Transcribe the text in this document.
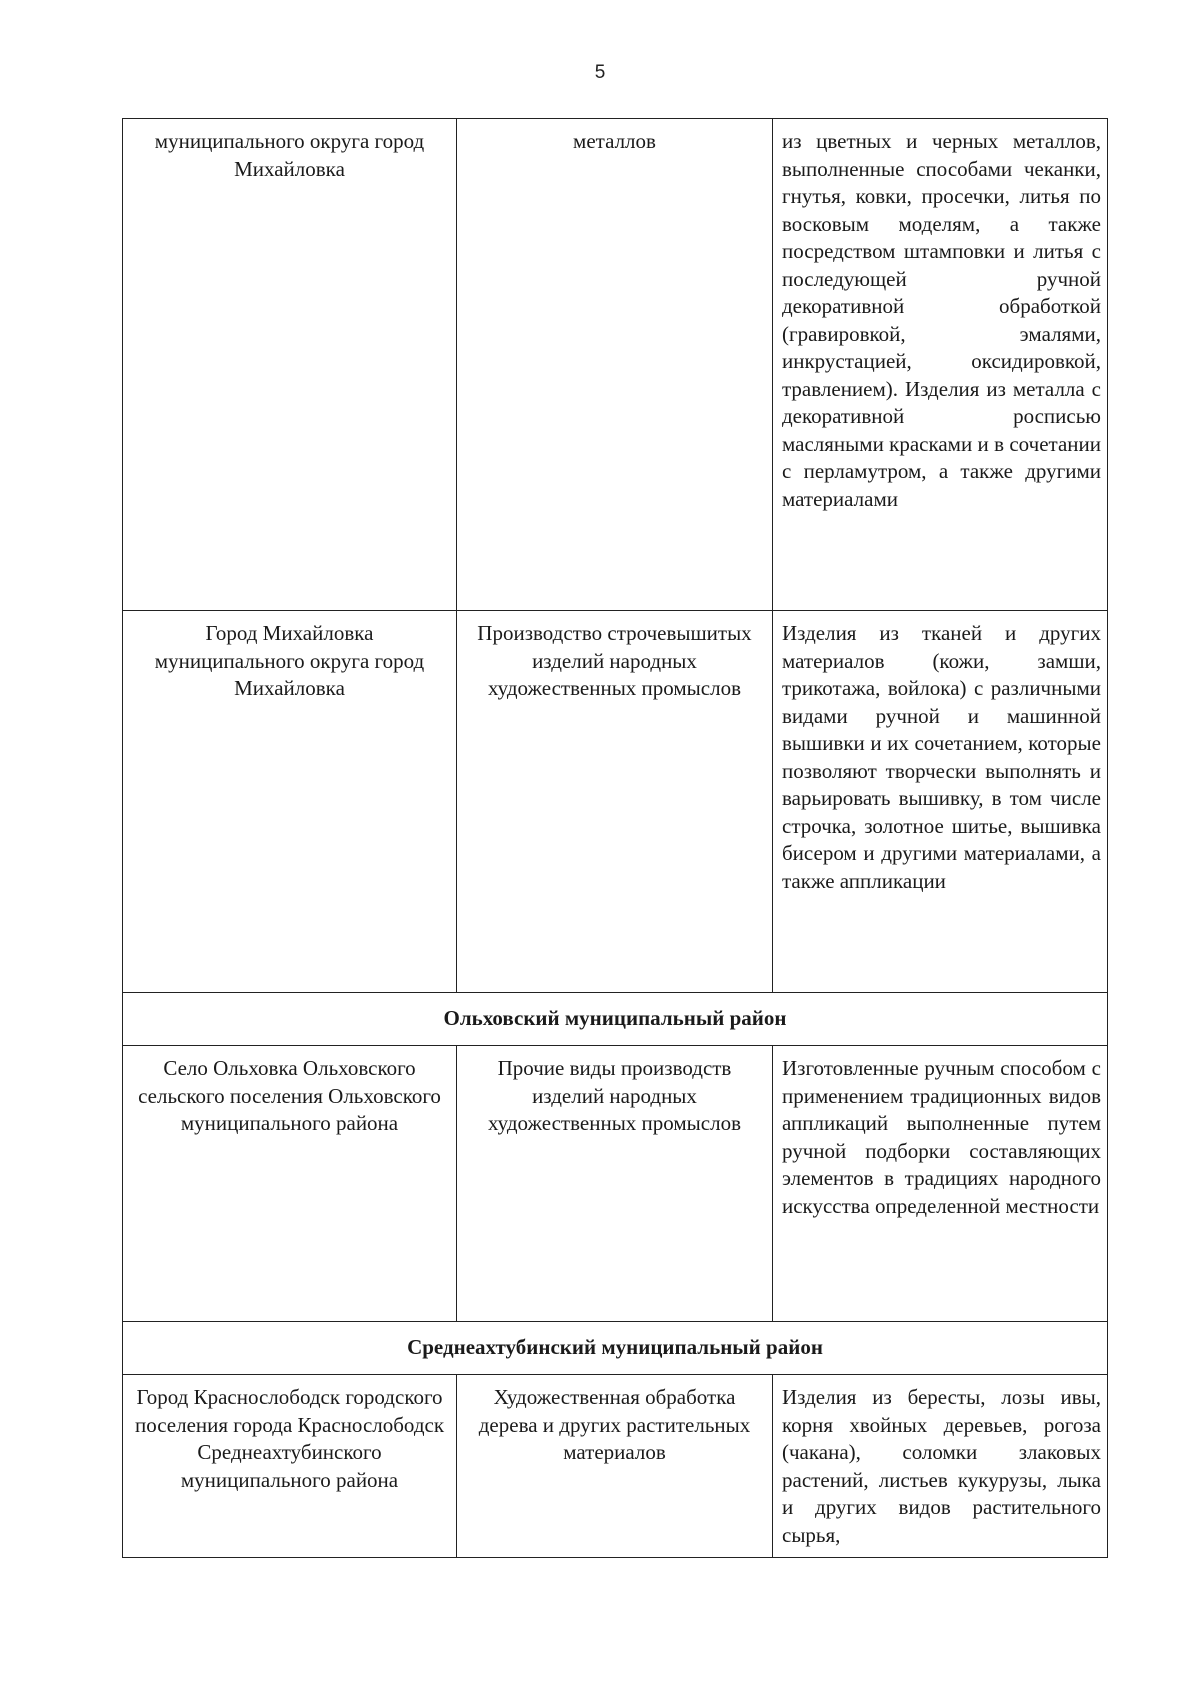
5
муниципального округа город Михайловка	металлов	из цветных и черных металлов, выполненные способами чеканки, гнутья, ковки, просечки, литья по восковым моделям, а также посредством штамповки и литья с последующей ручной декоративной обработкой (гравировкой, эмалями, инкрустацией, оксидировкой, травлением). Изделия из металла с декоративной росписью масляными красками и в сочетании с перламутром, а также другими материалами
Город Михайловка муниципального округа город Михайловка	Производство строчевышитых изделий народных художественных промыслов	Изделия из тканей и других материалов (кожи, замши, трикотажа, войлока) с различными видами ручной и машинной вышивки и их сочетанием, которые позволяют творчески выполнять и варьировать вышивку, в том числе строчка, золотное шитье, вышивка бисером и другими материалами, а также аппликации
Ольховский муниципальный район		
Село Ольховка Ольховского сельского поселения Ольховского муниципального района	Прочие виды производств изделий народных художественных промыслов	Изготовленные ручным способом с применением традиционных видов аппликаций выполненные путем ручной подборки составляющих элементов в традициях народного искусства определенной местности
Среднеахтубинский муниципальный район		
Город Краснослободск городского поселения города Краснослободск Среднеахтубинского муниципального района	Художественная обработка дерева и других растительных материалов	Изделия из бересты, лозы ивы, корня хвойных деревьев, рогоза (чакана), соломки злаковых растений, листьев кукурузы, лыка и других видов растительного сырья,
